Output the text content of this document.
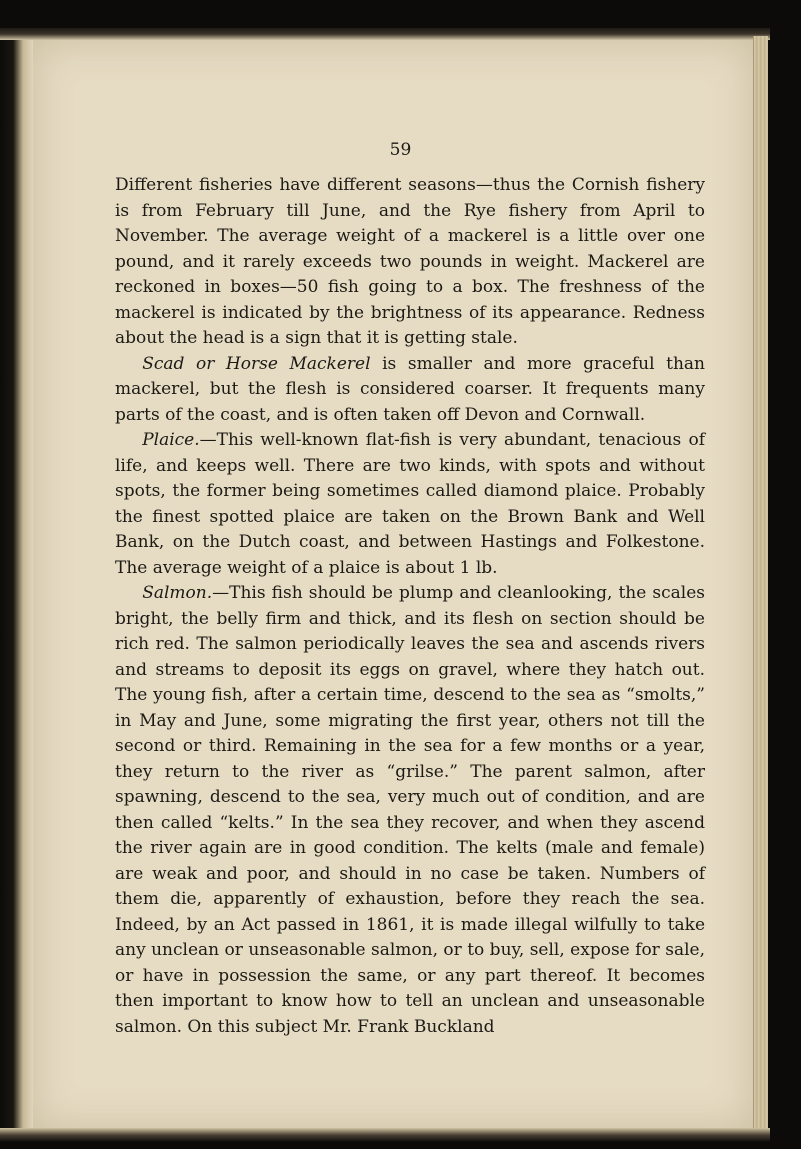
59

Different fisheries have different seasons—thus the Cornish fishery is from February till June, and the Rye fishery from April to November. The average weight of a mackerel is a little over one pound, and it rarely exceeds two pounds in weight. Mackerel are reckoned in boxes—50 fish going to a box. The freshness of the mackerel is indicated by the brightness of its appearance. Redness about the head is a sign that it is getting stale.

Scad or Horse Mackerel is smaller and more graceful than mackerel, but the flesh is considered coarser. It frequents many parts of the coast, and is often taken off Devon and Cornwall.

Plaice.—This well-known flat-fish is very abundant, tenacious of life, and keeps well. There are two kinds, with spots and without spots, the former being sometimes called diamond plaice. Probably the finest spotted plaice are taken on the Brown Bank and Well Bank, on the Dutch coast, and between Hastings and Folkestone. The average weight of a plaice is about 1 lb.

Salmon.—This fish should be plump and cleanlooking, the scales bright, the belly firm and thick, and its flesh on section should be rich red. The salmon periodically leaves the sea and ascends rivers and streams to deposit its eggs on gravel, where they hatch out. The young fish, after a certain time, descend to the sea as “smolts,” in May and June, some migrating the first year, others not till the second or third. Remaining in the sea for a few months or a year, they return to the river as “grilse.” The parent salmon, after spawning, descend to the sea, very much out of condition, and are then called “kelts.” In the sea they recover, and when they ascend the river again are in good condition. The kelts (male and female) are weak and poor, and should in no case be taken. Numbers of them die, apparently of exhaustion, before they reach the sea. Indeed, by an Act passed in 1861, it is made illegal wilfully to take any unclean or unseasonable salmon, or to buy, sell, expose for sale, or have in possession the same, or any part thereof. It becomes then important to know how to tell an unclean and unseasonable salmon. On this subject Mr. Frank Buckland
